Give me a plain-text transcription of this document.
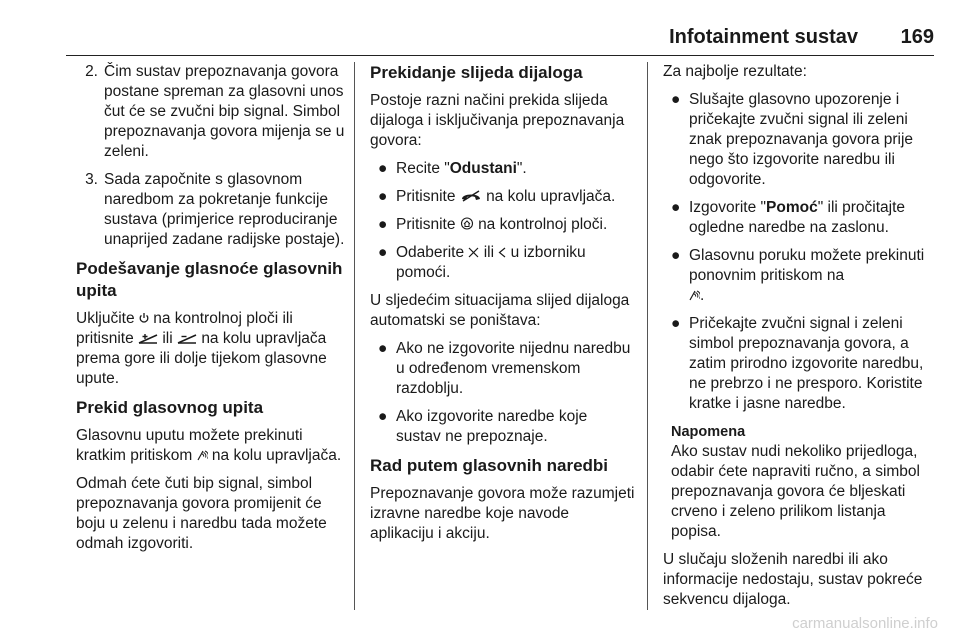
Infotainment sustav 169
2. Čim sustav prepoznavanja govora postane spreman za glasovni unos čut će se zvučni bip signal. Simbol prepoznavanja govora mijenja se u zeleni.
3. Sada započnite s glasovnom naredbom za pokretanje funkcije sustava (primjerice reproduciranje unaprijed zadane radijske postaje).
Podešavanje glasnoće glasovnih upita

Uključite na kontrolnoj ploči ili pritisnite ili na kolu upravljača prema gore ili dolje tijekom glasovne upute.

Prekid glasovnog upita

Glasovnu uputu možete prekinuti kratkim pritiskom na kolu upravljača.

Odmah ćete čuti bip signal, simbol prepoznavanja govora promijenit će boju u zelenu i naredbu tada možete odmah izgovoriti.

Prekidanje slijeda dijaloga

Postoje razni načini prekida slijeda dijaloga i isključivanja prepoznavanja govora:

● Recite "Odustani".
● Pritisnite na kolu upravljača.
● Pritisnite na kontrolnoj ploči.
● Odaberite ili u izborniku pomoći.

U sljedećim situacijama slijed dijaloga automatski se poništava:

● Ako ne izgovorite nijednu naredbu u određenom vremenskom razdoblju.
● Ako izgovorite naredbe koje sustav ne prepoznaje.
Rad putem glasovnih naredbi

Prepoznavanje govora može razumjeti izravne naredbe koje navode aplikaciju i akciju.

Za najbolje rezultate:

● Slušajte glasovno upozorenje i pričekajte zvučni signal ili zeleni znak prepoznavanja govora prije nego što izgovorite naredbu ili odgovorite.
● Izgovorite "Pomoć" ili pročitajte ogledne naredbe na zaslonu.
● Glasovnu poruku možete prekinuti ponovnim pritiskom na
.
● Pričekajte zvučni signal i zeleni simbol prepoznavanja govora, a zatim prirodno izgovorite naredbu, ne prebrzo i ne presporo. Koristite kratke i jasne naredbe.
Napomena
Ako sustav nudi nekoliko prijedloga, odabir ćete napraviti ručno, a simbol prepoznavanja govora će bljeskati crveno i zeleno prilikom listanja popisa.

U slučaju složenih naredbi ili ako informacije nedostaju, sustav pokreće sekvencu dijaloga.

carmanualsonline.info
